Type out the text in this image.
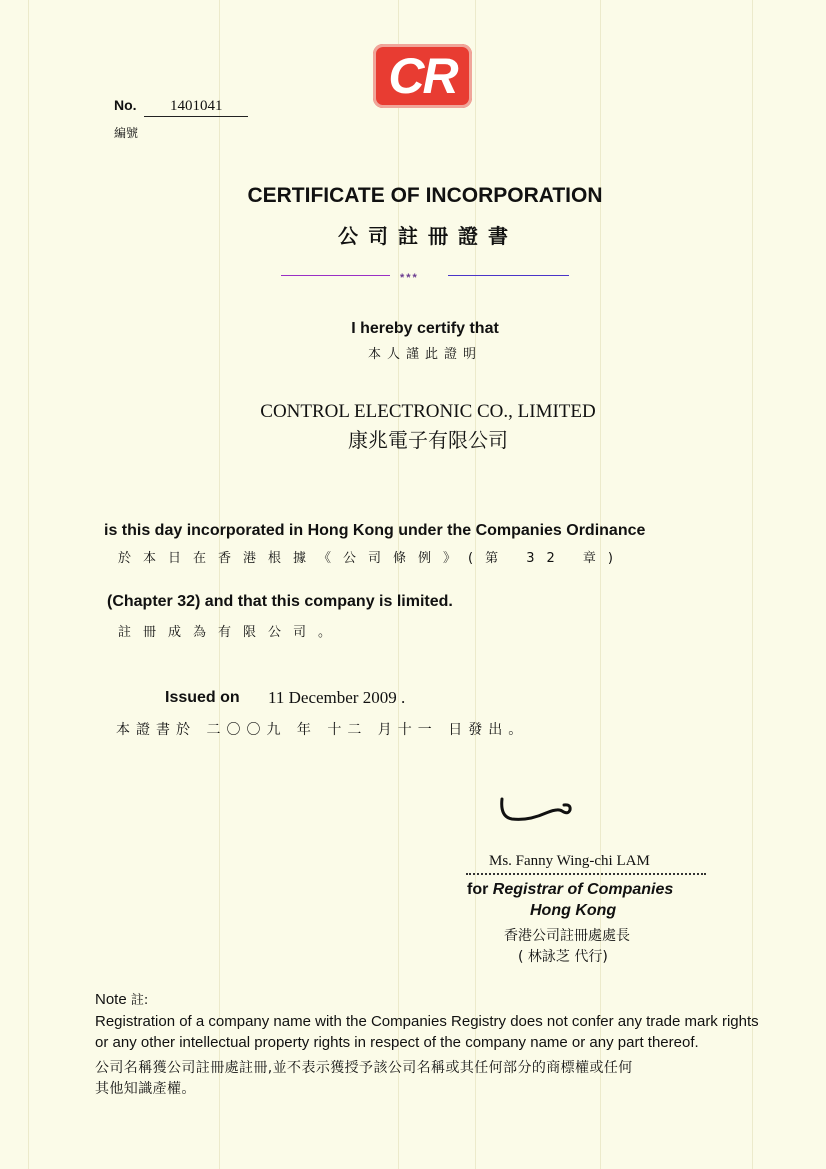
CR
No.	1401041
編號
CERTIFICATE OF INCORPORATION
公司註冊證書
***
I hereby certify that
本人謹此證明
CONTROL ELECTRONIC CO., LIMITED
康兆電子有限公司
is this day incorporated in Hong Kong under the Companies Ordinance
於本日在香港根據《公司條例》(第 32 章)
(Chapter 32) and that this company is limited.
註冊成為有限公司。
Issued on 11 December 2009 .
本證書於 二〇〇九 年 十二 月十一 日發出。
Ms. Fanny Wing-chi LAM
for Registrar of Companies
Hong Kong
香港公司註冊處處長
( 林詠芝 代行)
Note 註:
Registration of a company name with the Companies Registry does not confer any trade mark rights
or any other intellectual property rights in respect of the company name or any part thereof.
公司名稱獲公司註冊處註冊,並不表示獲授予該公司名稱或其任何部分的商標權或任何
其他知識產權。
